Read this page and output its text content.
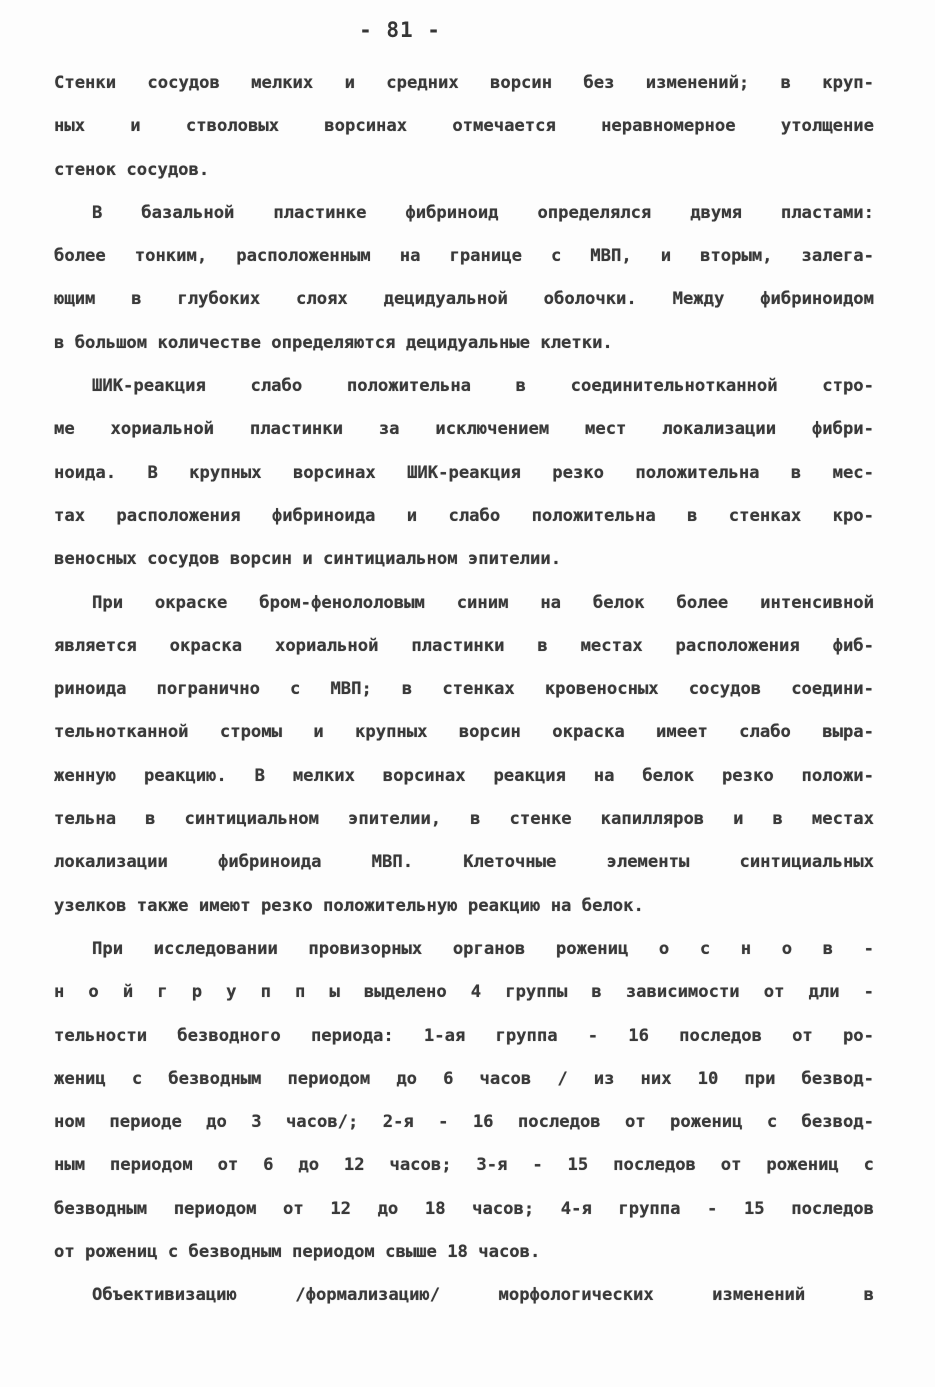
- 81 -
Стенки сосудов мелких и средних ворсин без изменений; в круп-
ных и стволовых ворсинах отмечается неравномерное утолщение
стенок сосудов.
В базальной пластинке фибриноид определялся двумя пластами:
более тонким, расположенным на границе с МВП, и вторым, залега-
ющим в глубоких слоях децидуальной оболочки. Между фибриноидом
в большом количестве определяются децидуальные клетки.
ШИК-реакция слабо положительна в соединительнотканной стро-
ме хориальной пластинки за исключением мест локализации фибри-
ноида. В крупных ворсинах ШИК-реакция резко положительна в мес-
тах расположения фибриноида и слабо положительна в стенках кро-
веносных сосудов ворсин и синтициальном эпителии.
При окраске бром-фенололовым синим на белок более интенсивной
является окраска хориальной пластинки в местах расположения фиб-
риноида погранично с МВП; в стенках кровеносных сосудов соедини-
тельнотканной стромы и крупных ворсин окраска имеет слабо выра-
женную реакцию. В мелких ворсинах реакция на белок резко положи-
тельна в синтициальном эпителии, в стенке капилляров и в местах
локализации фибриноида МВП. Клеточные элементы синтициальных
узелков также имеют резко положительную реакцию на белок.
При исследовании провизорных органов рожениц о с н о в -
н о й г р у п п ы выделено 4 группы в зависимости от дли -
тельности безводного периода: 1-ая группа - 16 последов от ро-
жениц с безводным периодом до 6 часов / из них 10 при безвод-
ном периоде до 3 часов/; 2-я - 16 последов от рожениц с безвод-
ным периодом от 6 до 12 часов; 3-я - 15 последов от рожениц с
безводным периодом от 12 до 18 часов; 4-я группа - 15 последов
от рожениц с безводным периодом свыше 18 часов.
Объективизацию /формализацию/ морфологических изменений в
